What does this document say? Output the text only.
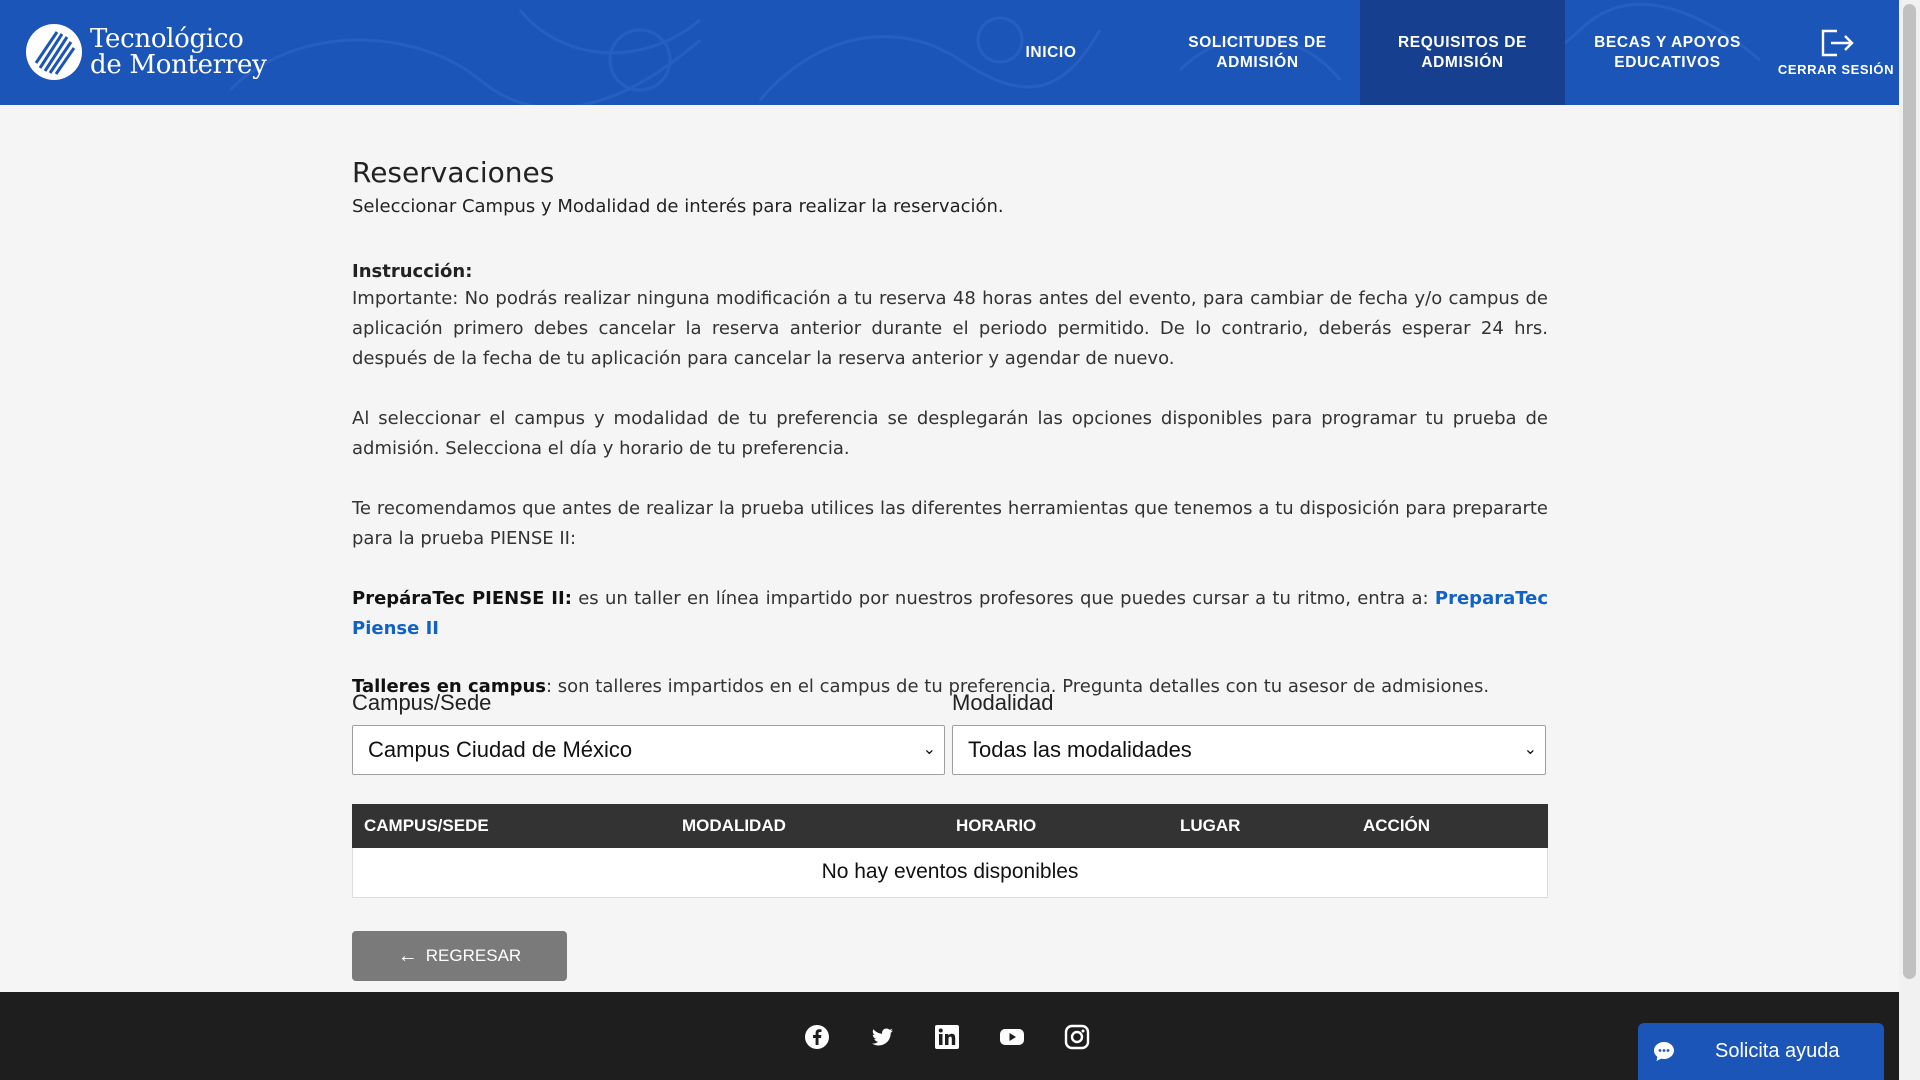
Tecnológico
de Monterrey	INICIO
SOLICITUDES DE
ADMISIÓN
REQUISITOS DE
ADMISIÓN
BECAS Y APOYOS
EDUCATIVOS	CERRAR SESIÓN
Reservaciones
Seleccionar Campus y Modalidad de interés para realizar la reservación.
Instrucción:

Importante: No podrás realizar ninguna modificación a tu reserva 48 horas antes del evento, para cambiar de fecha y/o campus de aplicación primero debes cancelar la reserva anterior durante el periodo permitido. De lo contrario, deberás esperar 24 hrs. después de la fecha de tu aplicación para cancelar la reserva anterior y agendar de nuevo.

Al seleccionar el campus y modalidad de tu preferencia se desplegarán las opciones disponibles para programar tu prueba de admisión. Selecciona el día y horario de tu preferencia.

Te recomendamos que antes de realizar la prueba utilices las diferentes herramientas que tenemos a tu disposición para prepararte para la prueba PIENSE II:

PrepáraTec PIENSE II: es un taller en línea impartido por nuestros profesores que puedes cursar a tu ritmo, entra a: PreparaTec Piense II

Talleres en campus: son talleres impartidos en el campus de tu preferencia. Pregunta detalles con tu asesor de admisiones.

Campus/Sede
Campus Ciudad de México	⌄
Modalidad
Todas las modalidades	⌄
CAMPUS/SEDE	MODALIDAD	HORARIO	LUGAR	ACCIÓN
No hay eventos disponibles
← REGRESAR
Solicita ayuda
